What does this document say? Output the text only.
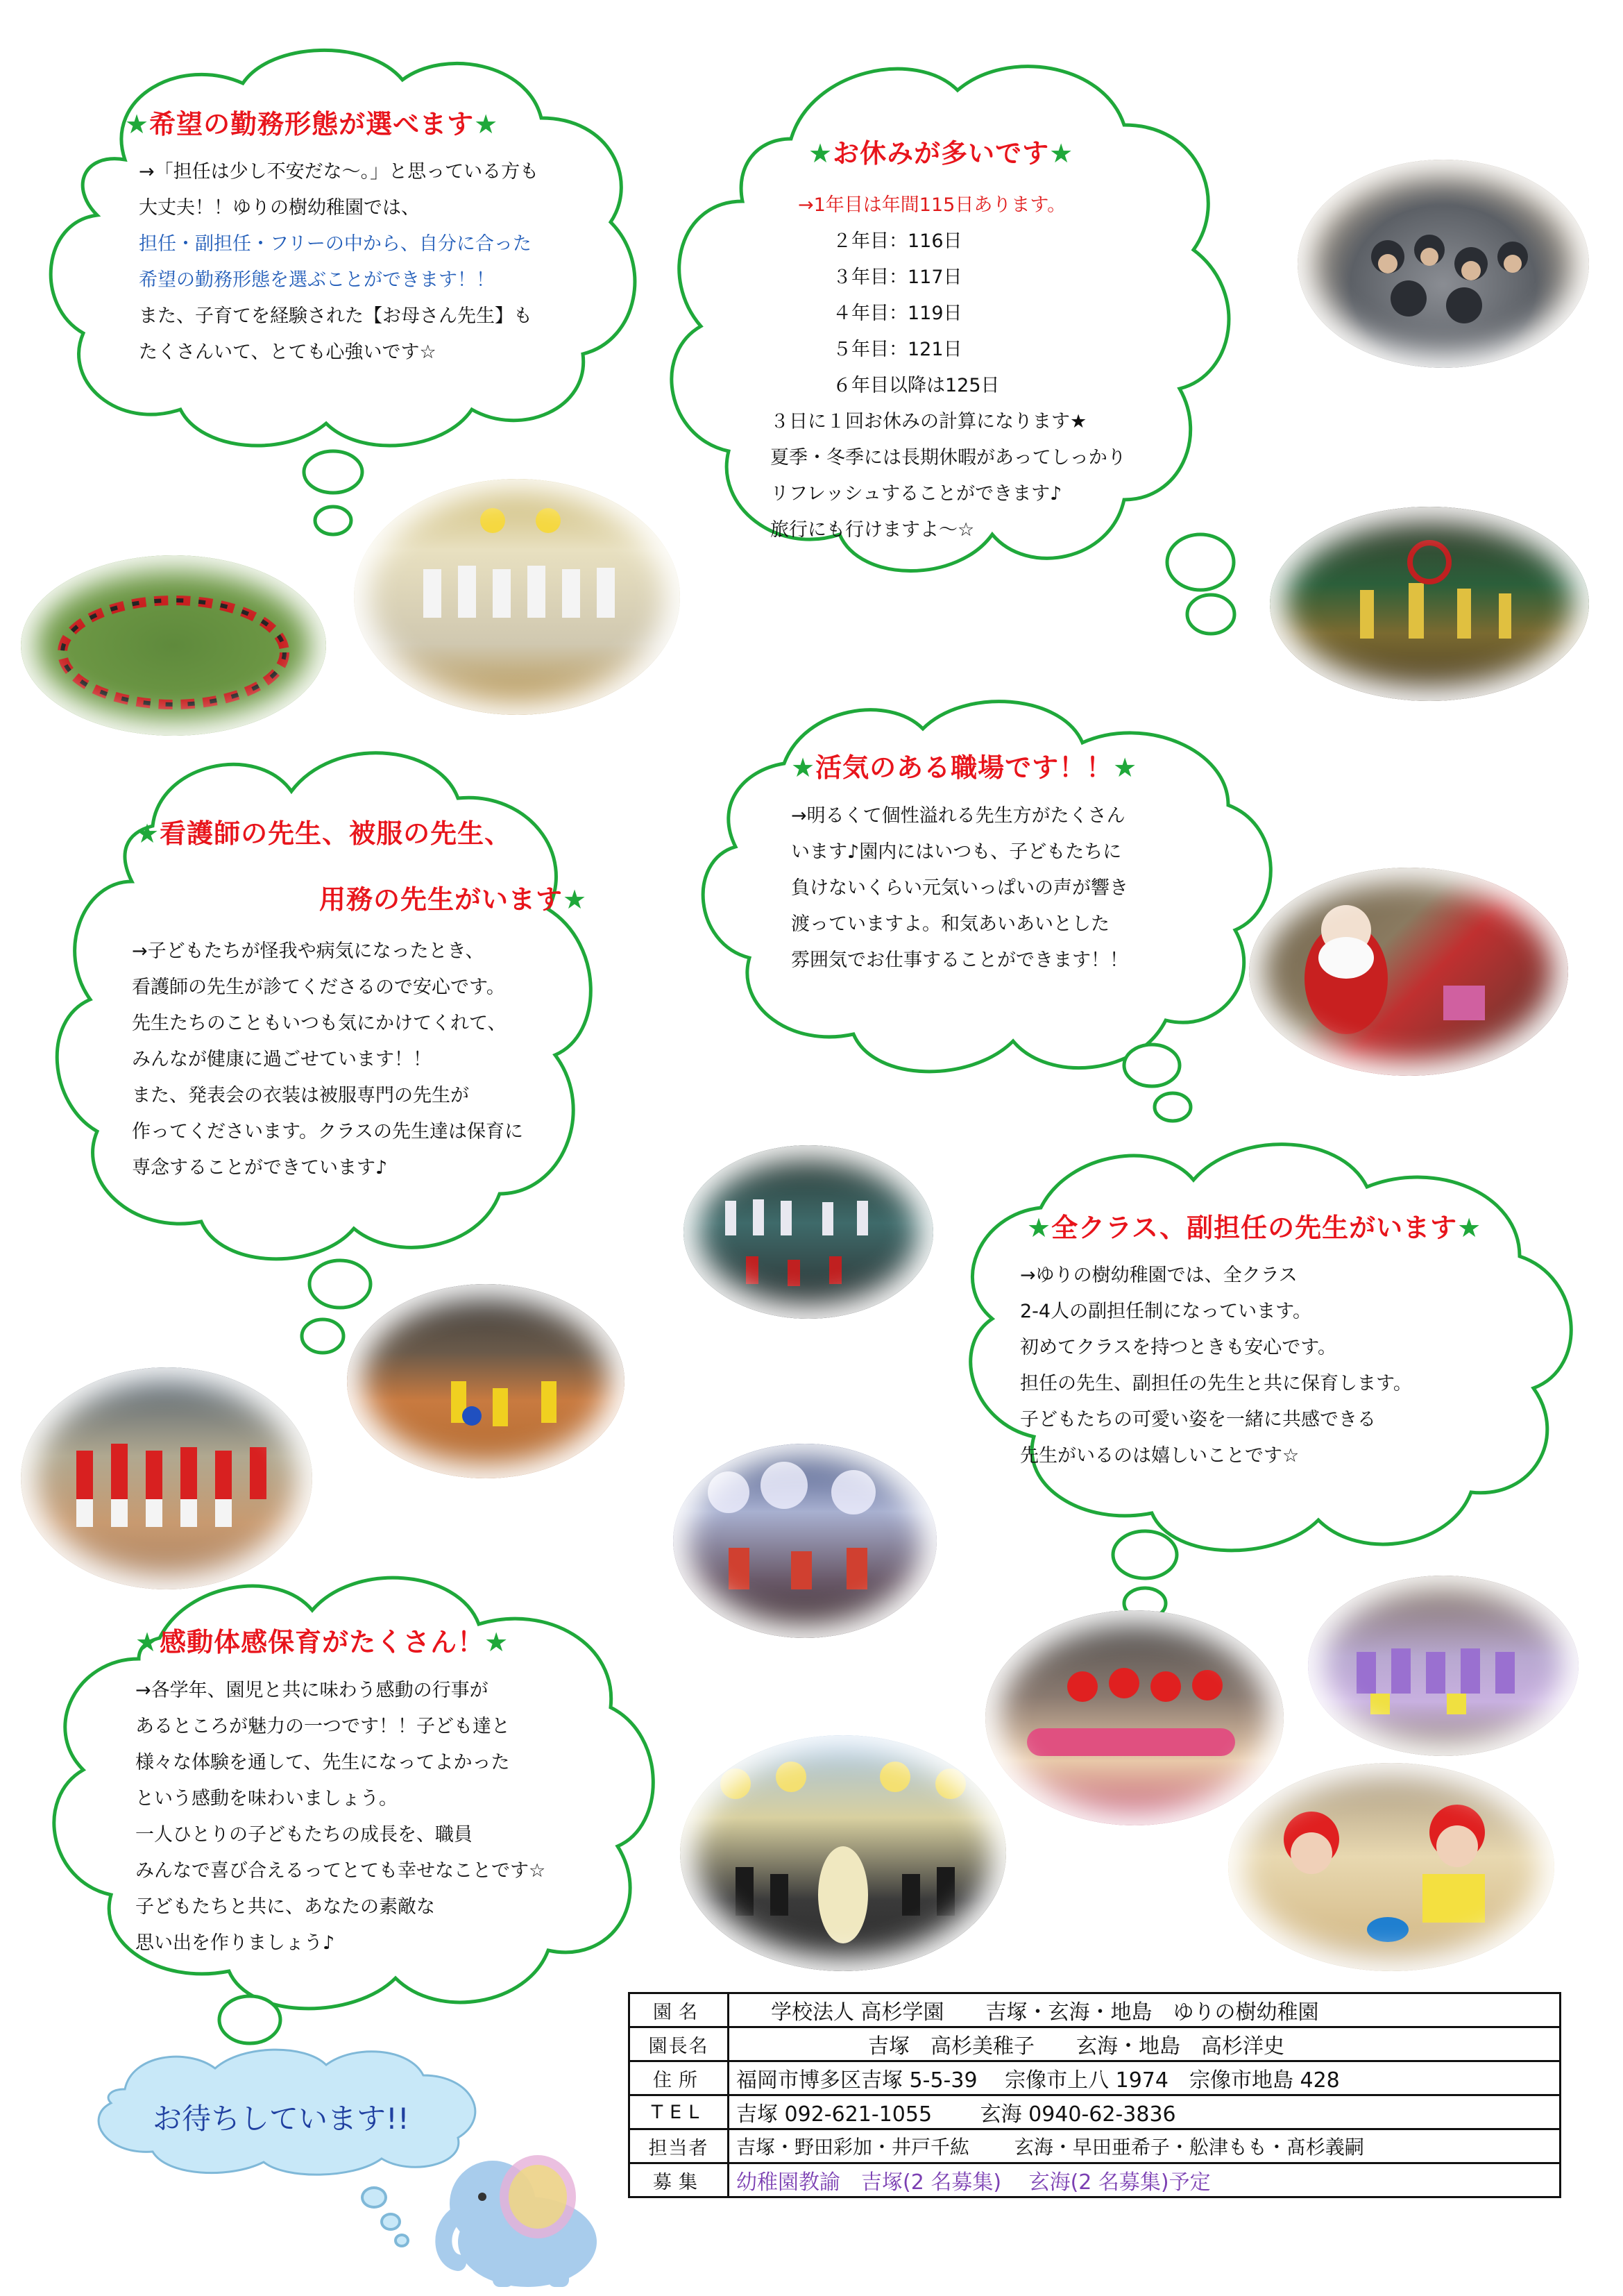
★希望の勤務形態が選べます★
→「担任は少し不安だな～。」と思っている方も
大丈夫！！ゆりの樹幼稚園では、
担任・副担任・フリーの中から、自分に合った
希望の勤務形態を選ぶことができます！！
また、子育てを経験された【お母さん先生】も
たくさんいて、とても心強いです☆
★お休みが多いです★
→1年目は年間115日あります。
２年目：116日
３年目：117日
４年目：119日
５年目：121日
６年目以降は125日
３日に１回お休みの計算になります★
夏季・冬季には長期休暇があってしっかり
リフレッシュすることができます♪
旅行にも行けますよ～☆
★看護師の先生、被服の先生、
用務の先生がいます★
→子どもたちが怪我や病気になったとき、
看護師の先生が診てくださるので安心です。
先生たちのこともいつも気にかけてくれて、
みんなが健康に過ごせています！！
また、発表会の衣装は被服専門の先生が
作ってくださいます。クラスの先生達は保育に
専念することができています♪
★活気のある職場です！！★
→明るくて個性溢れる先生方がたくさん
います♪園内にはいつも、子どもたちに
負けないくらい元気いっぱいの声が響き
渡っていますよ。和気あいあいとした
雰囲気でお仕事することができます！！
★全クラス、副担任の先生がいます★
→ゆりの樹幼稚園では、全クラス
2-4人の副担任制になっています。
初めてクラスを持つときも安心です。
担任の先生、副担任の先生と共に保育します。
子どもたちの可愛い姿を一緒に共感できる
先生がいるのは嬉しいことです☆
★感動体感保育がたくさん！★
→各学年、園児と共に味わう感動の行事が
あるところが魅力の一つです！！子ども達と
様々な体験を通して、先生になってよかった
という感動を味わいましょう。
一人ひとりの子どもたちの成長を、職員
みんなで喜び合えるってとても幸せなことです☆
子どもたちと共に、あなたの素敵な
思い出を作りましょう♪
お待ちしています!!
園名	学校法人 高杉学園　　吉塚・玄海・地島　ゆりの樹幼稚園
園長名	吉塚　高杉美稚子　　玄海・地島　高杉洋史
住所	福岡市博多区吉塚 5-5-39　 宗像市上八 1974　宗像市地島 428
TEL	吉塚 092-621-1055　　 玄海 0940-62-3836
担当者	吉塚・野田彩加・井戸千紘　　 玄海・早田亜希子・舩津もも・髙杉義嗣
募集	幼稚園教諭　吉塚(2 名募集)　 玄海(2 名募集)予定
